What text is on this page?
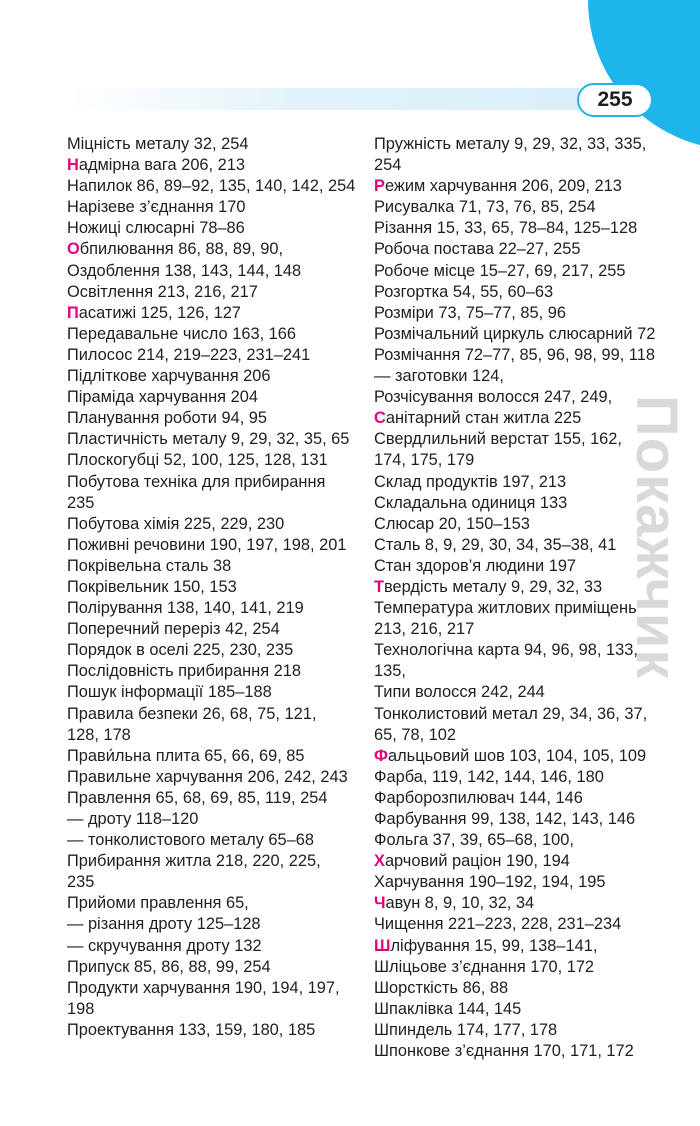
255
Покажчик
Міцність металу 32, 254
Надмірна вага 206, 213
Напилок 86, 89–92, 135, 140, 142, 254
Нарізеве з’єднання 170
Ножиці слюсарні 78–86
Обпилювання 86, 88, 89, 90,
Оздоблення 138, 143, 144, 148
Освітлення 213, 216, 217
Пасатижі 125, 126, 127
Передавальне число 163, 166
Пилосос 214, 219–223, 231–241
Підліткове харчування 206
Піраміда харчування 204
Планування роботи 94, 95
Пластичність металу 9, 29, 32, 35, 65
Плоскогубці 52, 100, 125, 128, 131
Побутова техніка для прибирання
235
Побутова хімія 225, 229, 230
Поживні речовини 190, 197, 198, 201
Покрівельна сталь 38
Покрівельник 150, 153
Полірування 138, 140, 141, 219
Поперечний переріз 42, 254
Порядок в оселі 225, 230, 235
Послідовність прибирання 218
Пошук інформації 185–188
Правила безпеки 26, 68, 75, 121,
128, 178
Прави́льна плита 65, 66, 69, 85
Правильне харчування 206, 242, 243
Правлення 65, 68, 69, 85, 119, 254
— дроту 118–120
— тонколистового металу 65–68
Прибирання житла 218, 220, 225,
235
Прийоми правлення 65,
— різання дроту 125–128
— скручування дроту 132
Припуск 85, 86, 88, 99, 254
Продукти харчування 190, 194, 197,
198
Проектування 133, 159, 180, 185
Пружність металу 9, 29, 32, 33, 335,
254
Режим харчування 206, 209, 213
Рисувалка 71, 73, 76, 85, 254
Різання 15, 33, 65, 78–84, 125–128
Робоча постава 22–27, 255
Робоче місце 15–27, 69, 217, 255
Розгортка 54, 55, 60–63
Розміри 73, 75–77, 85, 96
Розмічальний циркуль слюсарний 72
Розмічання 72–77, 85, 96, 98, 99, 118
— заготовки 124,
Розчісування волосся 247, 249,
Санітарний стан житла 225
Свердлильний верстат 155, 162,
174, 175, 179
Склад продуктів 197, 213
Складальна одиниця 133
Слюсар 20, 150–153
Сталь 8, 9, 29, 30, 34, 35–38, 41
Стан здоров’я людини 197
Твердість металу 9, 29, 32, 33
Температура житлових приміщень
213, 216, 217
Технологічна карта 94, 96, 98, 133, 135,
Типи волосся 242, 244
Тонколистовий метал 29, 34, 36, 37,
65, 78, 102
Фальцьовий шов 103, 104, 105, 109
Фарба, 119, 142, 144, 146, 180
Фарборозпилювач 144, 146
Фарбування 99, 138, 142, 143, 146
Фольга 37, 39, 65–68, 100,
Харчовий раціон 190, 194
Харчування 190–192, 194, 195
Чавун 8, 9, 10, 32, 34
Чищення 221–223, 228, 231–234
Шліфування 15, 99, 138–141,
Шліцьове з’єднання 170, 172
Шорсткість 86, 88
Шпаклівка 144, 145
Шпиндель 174, 177, 178
Шпонкове з’єднання 170, 171, 172
